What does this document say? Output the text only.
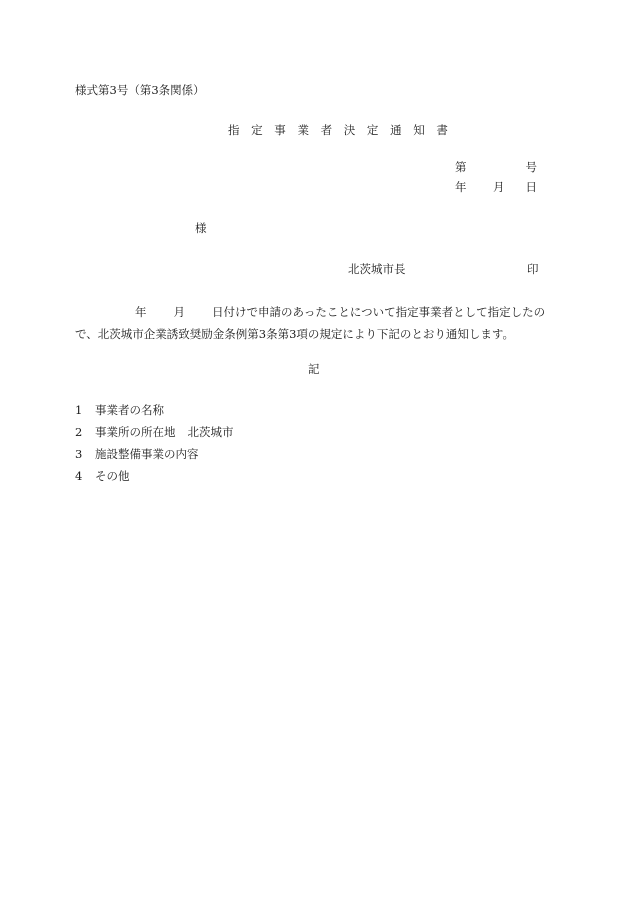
様式第3号（第3条関係）
指 定 事 業 者 決 定 通 知 書
第	号
年 月 日
様
北茨城市長	印
年 月 日付けで申請のあったことについて指定事業者として指定したの
で、北茨城市企業誘致奨励金条例第3条第3項の規定により下記のとおり通知します。
記
1 事業者の名称
2 事業所の所在地 北茨城市
3 施設整備事業の内容
4 その他
